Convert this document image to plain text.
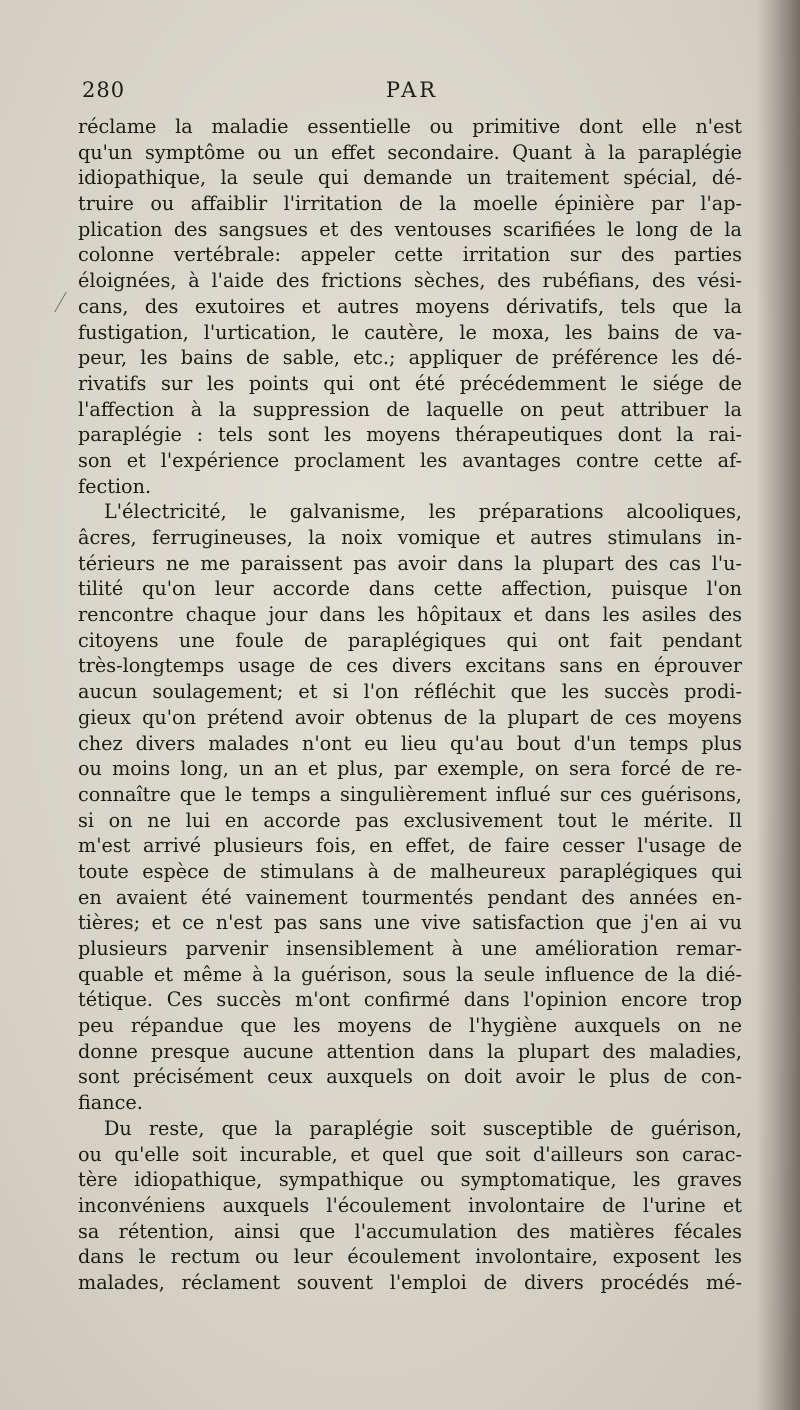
280	PAR
réclame la maladie essentielle ou primitive dont elle n'est
qu'un symptôme ou un effet secondaire. Quant à la paraplégie
idiopathique, la seule qui demande un traitement spécial, dé-
truire ou affaiblir l'irritation de la moelle épinière par l'ap-
plication des sangsues et des ventouses scarifiées le long de la
colonne vertébrale: appeler cette irritation sur des parties
éloignées, à l'aide des frictions sèches, des rubéfians, des vési-
cans, des exutoires et autres moyens dérivatifs, tels que la
fustigation, l'urtication, le cautère, le moxa, les bains de va-
peur, les bains de sable, etc.; appliquer de préférence les dé-
rivatifs sur les points qui ont été précédemment le siége de
l'affection à la suppression de laquelle on peut attribuer la
paraplégie : tels sont les moyens thérapeutiques dont la rai-
son et l'expérience proclament les avantages contre cette af-
fection.
L'électricité, le galvanisme, les préparations alcooliques,
âcres, ferrugineuses, la noix vomique et autres stimulans in-
térieurs ne me paraissent pas avoir dans la plupart des cas l'u-
tilité qu'on leur accorde dans cette affection, puisque l'on
rencontre chaque jour dans les hôpitaux et dans les asiles des
citoyens une foule de paraplégiques qui ont fait pendant
très-longtemps usage de ces divers excitans sans en éprouver
aucun soulagement; et si l'on réfléchit que les succès prodi-
gieux qu'on prétend avoir obtenus de la plupart de ces moyens
chez divers malades n'ont eu lieu qu'au bout d'un temps plus
ou moins long, un an et plus, par exemple, on sera forcé de re-
connaître que le temps a singulièrement influé sur ces guérisons,
si on ne lui en accorde pas exclusivement tout le mérite. Il
m'est arrivé plusieurs fois, en effet, de faire cesser l'usage de
toute espèce de stimulans à de malheureux paraplégiques qui
en avaient été vainement tourmentés pendant des années en-
tières; et ce n'est pas sans une vive satisfaction que j'en ai vu
plusieurs parvenir insensiblement à une amélioration remar-
quable et même à la guérison, sous la seule influence de la dié-
tétique. Ces succès m'ont confirmé dans l'opinion encore trop
peu répandue que les moyens de l'hygiène auxquels on ne
donne presque aucune attention dans la plupart des maladies,
sont précisément ceux auxquels on doit avoir le plus de con-
fiance.
Du reste, que la paraplégie soit susceptible de guérison,
ou qu'elle soit incurable, et quel que soit d'ailleurs son carac-
tère idiopathique, sympathique ou symptomatique, les graves
inconvéniens auxquels l'écoulement involontaire de l'urine et
sa rétention, ainsi que l'accumulation des matières fécales
dans le rectum ou leur écoulement involontaire, exposent les
malades, réclament souvent l'emploi de divers procédés mé-
